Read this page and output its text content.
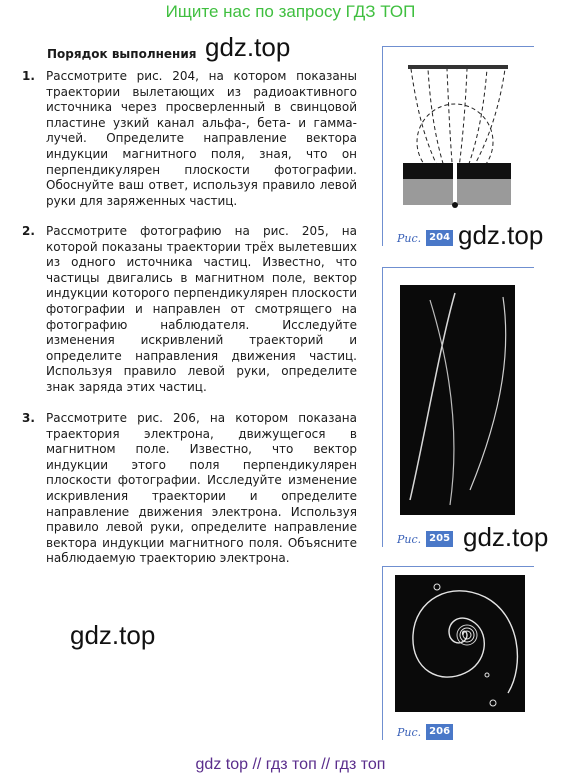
Ищите нас по запросу ГДЗ ТОП
Порядок выполнения gdz.top
gdz.top
gdz.top
gdz.top
1. Рассмотрите рис. 204, на котором показаны траектории вылетающих из радиоактивного источника через просверленный в свинцовой пластине узкий канал альфа-, бета- и гамма-лучей. Определите направление вектора индукции магнитного поля, зная, что он перпендикулярен плоскости фотографии. Обоснуйте ваш ответ, используя правило левой руки для заряженных частиц.
2. Рассмотрите фотографию на рис. 205, на которой показаны траектории трёх вылетевших из одного источника частиц. Известно, что частицы двигались в магнитном поле, вектор индукции которого перпендикулярен плоскости фотографии и направлен от смотрящего на фотографию наблюдателя. Исследуйте изменения искривлений траекторий и определите направления движения частиц. Используя правило левой руки, определите знак заряда этих частиц.
3. Рассмотрите рис. 206, на котором показана траектория электрона, движущегося в магнитном поле. Известно, что вектор индукции этого поля перпендикулярен плоскости фотографии. Исследуйте изменение искривления траектории и определите направление движения электрона. Используя правило левой руки, определите направление вектора индукции магнитного поля. Объясните наблюдаемую траекторию электрона.
Рис. 204
Рис. 205
Рис. 206
gdz top // гдз топ // гдз топ
